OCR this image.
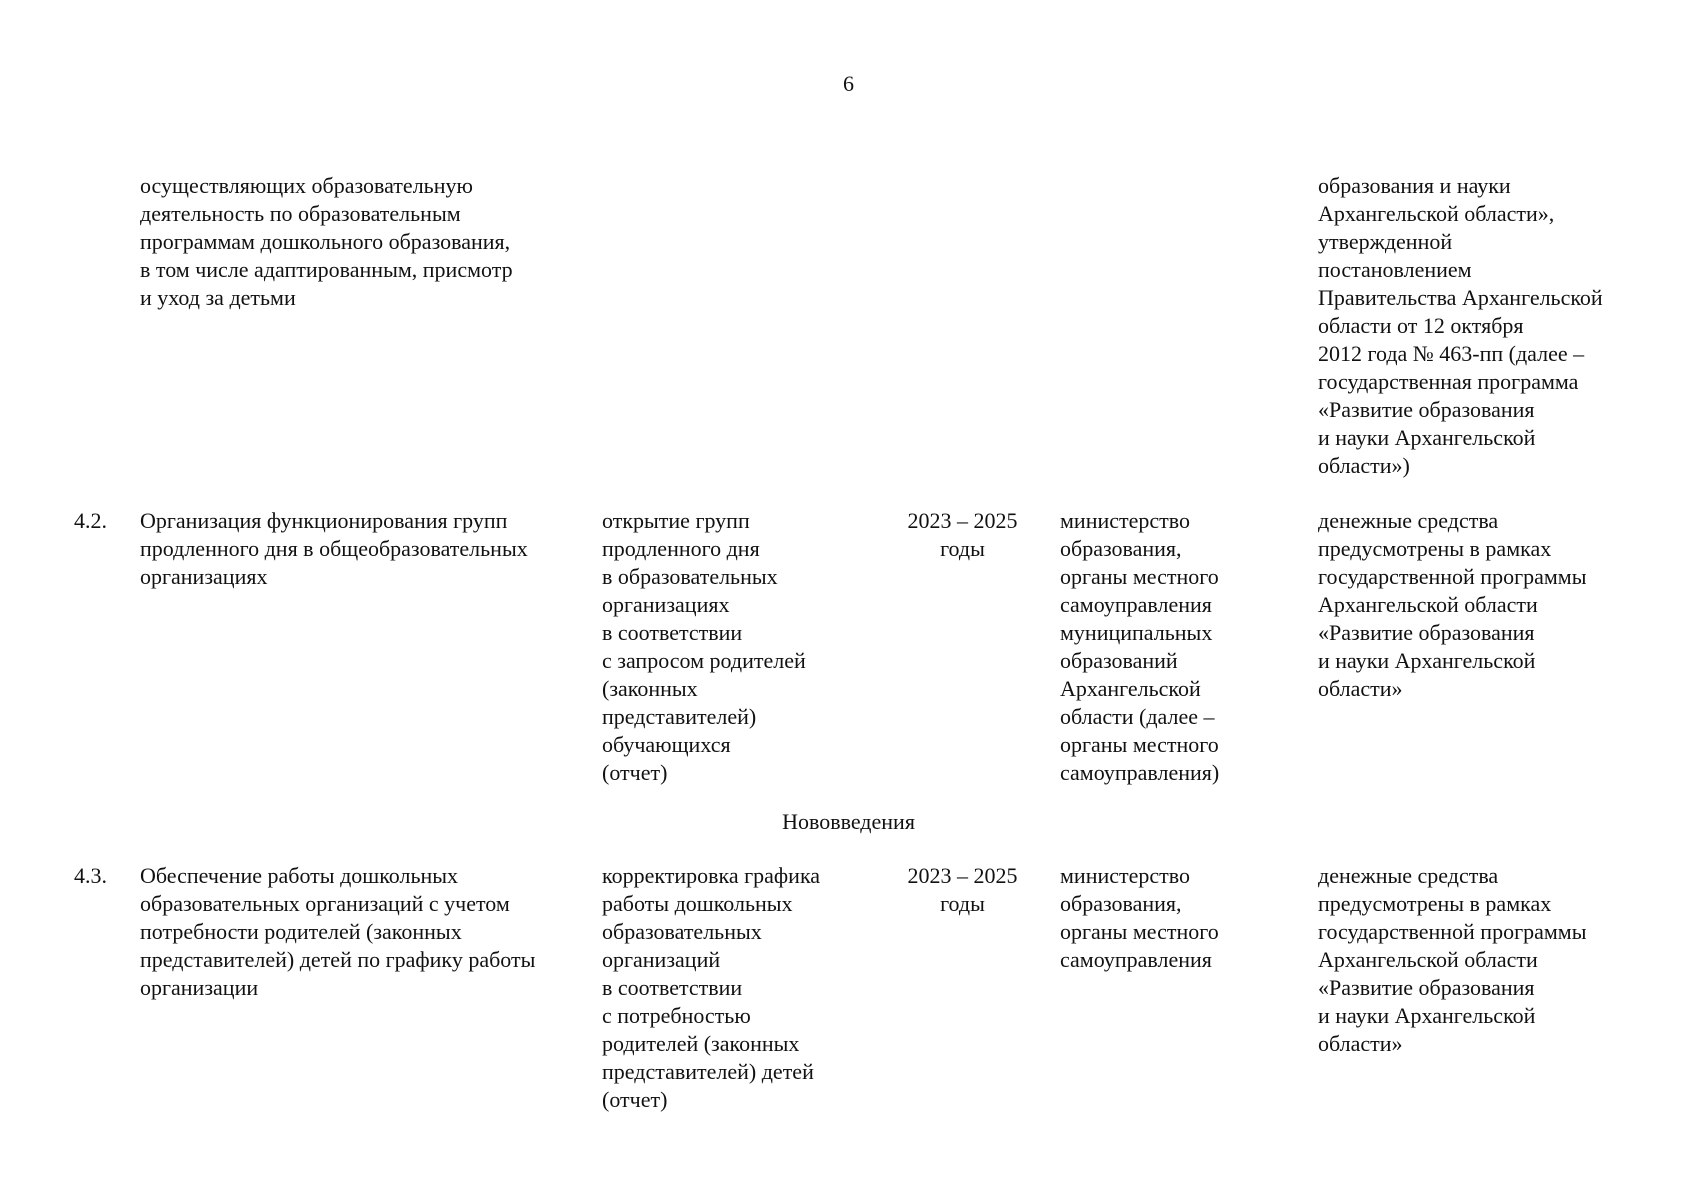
6
осуществляющих образовательную
деятельность по образовательным
программам дошкольного образования,
в том числе адаптированным, присмотр
и уход за детьми
образования и науки
Архангельской области»,
утвержденной
постановлением
Правительства Архангельской
области от 12 октября
2012 года № 463-пп (далее –
государственная программа
«Развитие образования
и науки Архангельской
области»)
4.2.	Организация функционирования групп
продленного дня в общеобразовательных
организациях
открытие групп
продленного дня
в образовательных
организациях
в соответствии
с запросом родителей
(законных
представителей)
обучающихся
(отчет)
2023 – 2025
годы
министерство
образования,
органы местного
самоуправления
муниципальных
образований
Архангельской
области (далее –
органы местного
самоуправления)
денежные средства
предусмотрены в рамках
государственной программы
Архангельской области
«Развитие образования
и науки Архангельской
области»
Нововведения
4.3.	Обеспечение работы дошкольных
образовательных организаций с учетом
потребности родителей (законных
представителей) детей по графику работы
организации
корректировка графика
работы дошкольных
образовательных
организаций
в соответствии
с потребностью
родителей (законных
представителей) детей
(отчет)
2023 – 2025
годы
министерство
образования,
органы местного
самоуправления
денежные средства
предусмотрены в рамках
государственной программы
Архангельской области
«Развитие образования
и науки Архангельской
области»
